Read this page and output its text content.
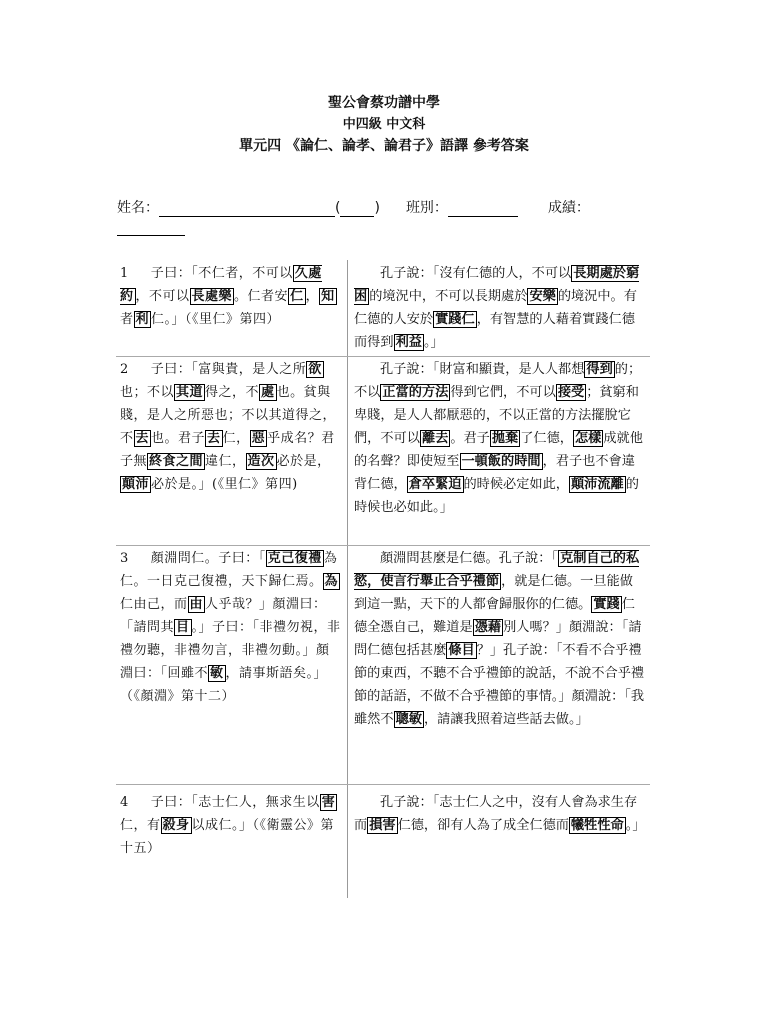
聖公會蔡功譜中學
中四級 中文科
單元四 《論仁、論孝、論君子》語譯 參考答案
姓名：	( ) 班別：	成績：
1 子曰：「不仁者，不可以 久處約 ，不可以 長處樂 。仁者安 仁 ， 知者 利 仁。」（《里仁》第四）
孔子說：「沒有仁德的人，不可以 長期處於窮困 的境況中，不可以長期處於 安樂 的境況中。有仁德的人安於 實踐仁 ，有智慧的人藉着實踐仁德而得到 利益 。」
2 子曰：「富與貴，是人之所 欲也；不以 其道 得之，不 處 也。貧與賤，是人之所惡也；不以其道得之，不 去 也。君子 去 仁， 惡 乎成名？君子無 終食之間 違仁， 造次 必於是，顛沛 必於是。」(《里仁》第四)
孔子說：「財富和顯貴，是人人都想 得到 的；不以 正當的方法 得到它們，不可以 接受 ；貧窮和卑賤，是人人都厭惡的，不以正當的方法擺脫它們，不可以 離去 。君子 拋棄 了仁德， 怎樣 成就他的名聲？即使短至 一頓飯的時間 ，君子也不會違背仁德， 倉卒緊迫 的時候必定如此， 顛沛流離 的時候也必如此。」
3 顏淵問仁。子曰：「 克己復禮 為仁。一日克己復禮，天下歸仁焉。 為仁由己，而 由 人乎哉？」顏淵曰：「請問其 目 。」子曰：「非禮勿視，非禮勿聽，非禮勿言，非禮勿動。」顏淵曰：「回雖不 敏 ，請事斯語矣。」（《顏淵》第十二）
顏淵問甚麼是仁德。孔子說：「 克制自己的私慾，使言行舉止合乎禮節 ，就是仁德。一旦能做到這一點，天下的人都會歸服你的仁德。 實踐 仁德全憑自己，難道是 憑藉 別人嗎？」顏淵說：「請問仁德包括甚麼 條目 ？」孔子說：「不看不合乎禮節的東西，不聽不合乎禮節的說話，不說不合乎禮節的話語，不做不合乎禮節的事情。」顏淵說：「我雖然不 聰敏 ，請讓我照着這些話去做。」
4 子曰：「志士仁人，無求生以 害仁，有 殺身 以成仁。」（《衛靈公》第十五）
孔子說：「志士仁人之中，沒有人會為求生存而 損害 仁德，卻有人為了成全仁德而 犧牲性命 。」
